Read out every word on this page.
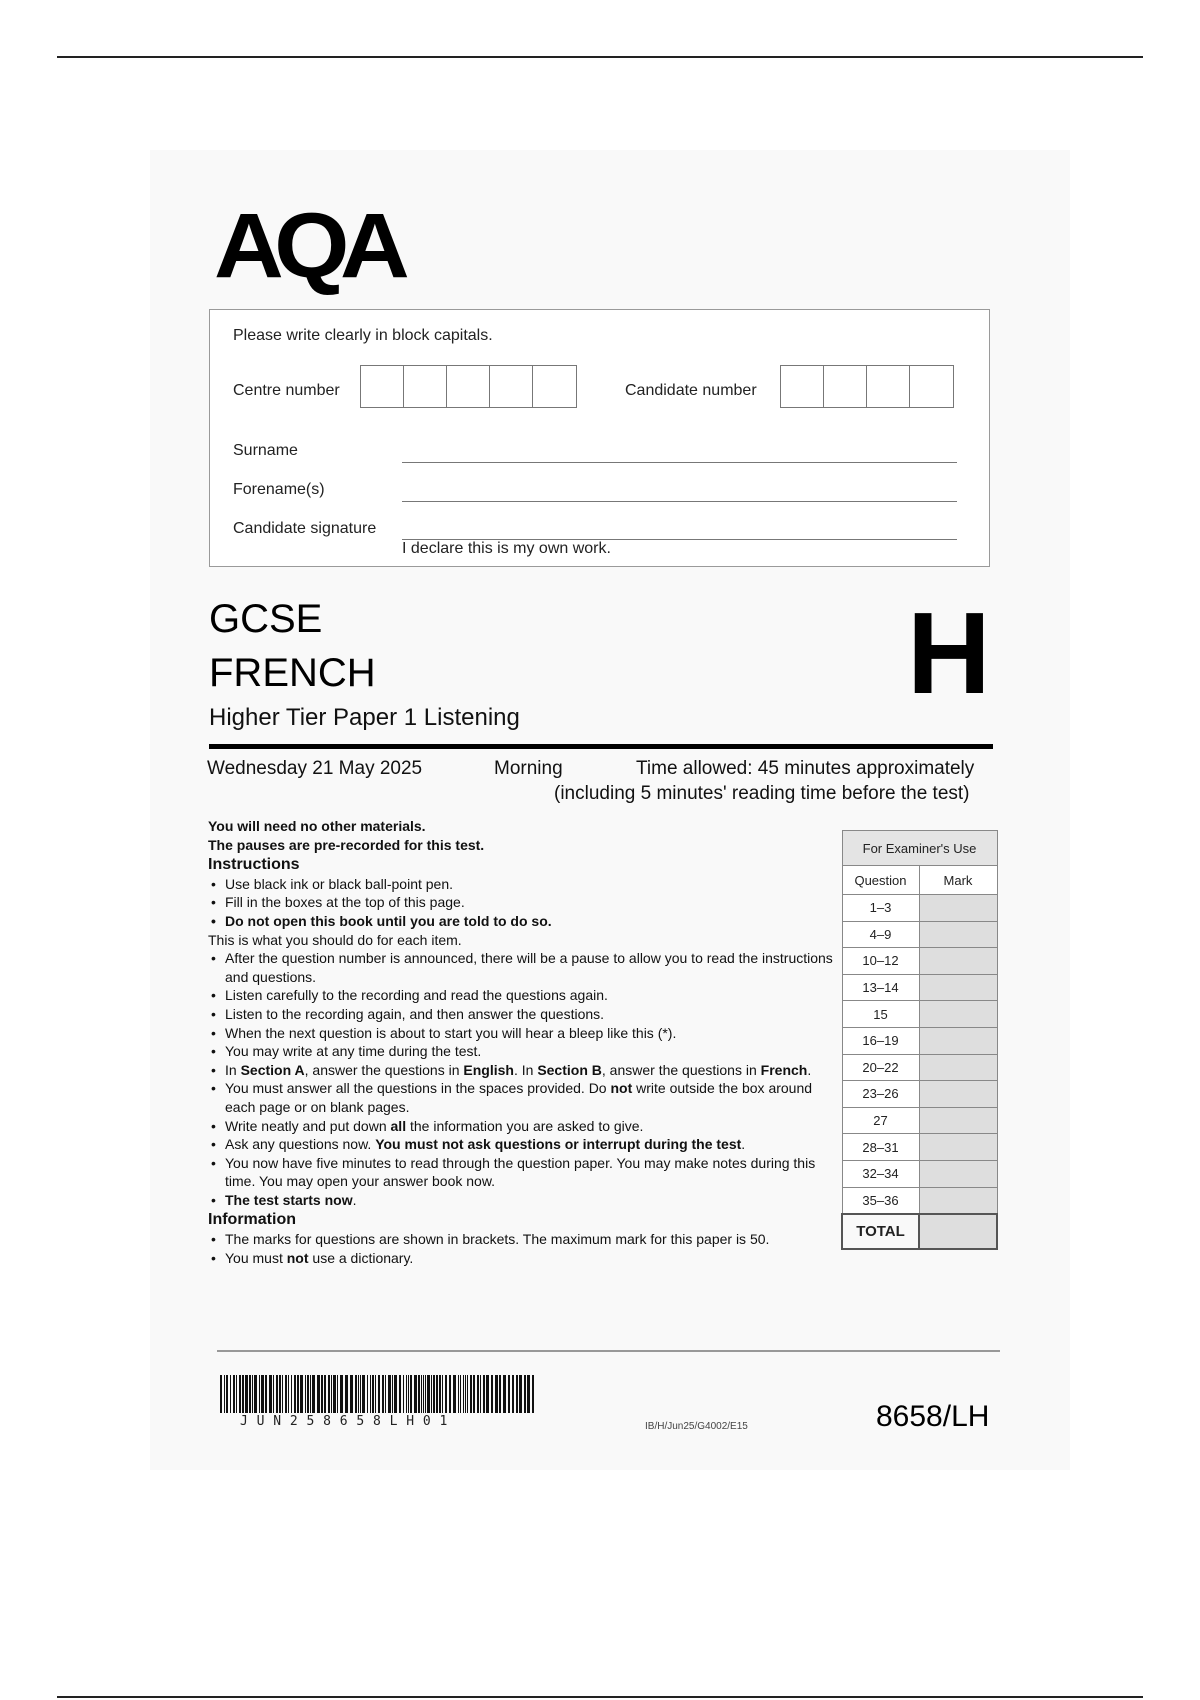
AQA
Please write clearly in block capitals.
Centre number	Candidate number
Surname
Forename(s)
Candidate signature
I declare this is my own work.
GCSE
FRENCH	H
Higher Tier Paper 1 Listening
Wednesday 21 May 2025	Morning	Time allowed: 45 minutes approximately
(including 5 minutes' reading time before the test)

You will need no other materials.

The pauses are pre-recorded for this test.

Instructions

• Use black ink or black ball-point pen.
• Fill in the boxes at the top of this page.
• Do not open this book until you are told to do so.

This is what you should do for each item.

• After the question number is announced, there will be a pause to allow you to read the instructions and questions.
• Listen carefully to the recording and read the questions again.
• Listen to the recording again, and then answer the questions.
• When the next question is about to start you will hear a bleep like this (*).
• You may write at any time during the test.
• In Section A, answer the questions in English. In Section B, answer the questions in French.
• You must answer all the questions in the spaces provided. Do not write outside the box around each page or on blank pages.
• Write neatly and put down all the information you are asked to give.
• Ask any questions now. You must not ask questions or interrupt during the test.
• You now have five minutes to read through the question paper. You may make notes during this time. You may open your answer book now.
• The test starts now.

Information

• The marks for questions are shown in brackets. The maximum mark for this paper is 50.
• You must not use a dictionary.
For Examiner's Use	
Question	Mark
1–3	
4–9	
10–12	
13–14	
15	
16–19	
20–22	
23–26	
27	
28–31	
32–34	
35–36	
TOTAL	
JUN258658LH01	IB/H/Jun25/G4002/E15	8658/LH
